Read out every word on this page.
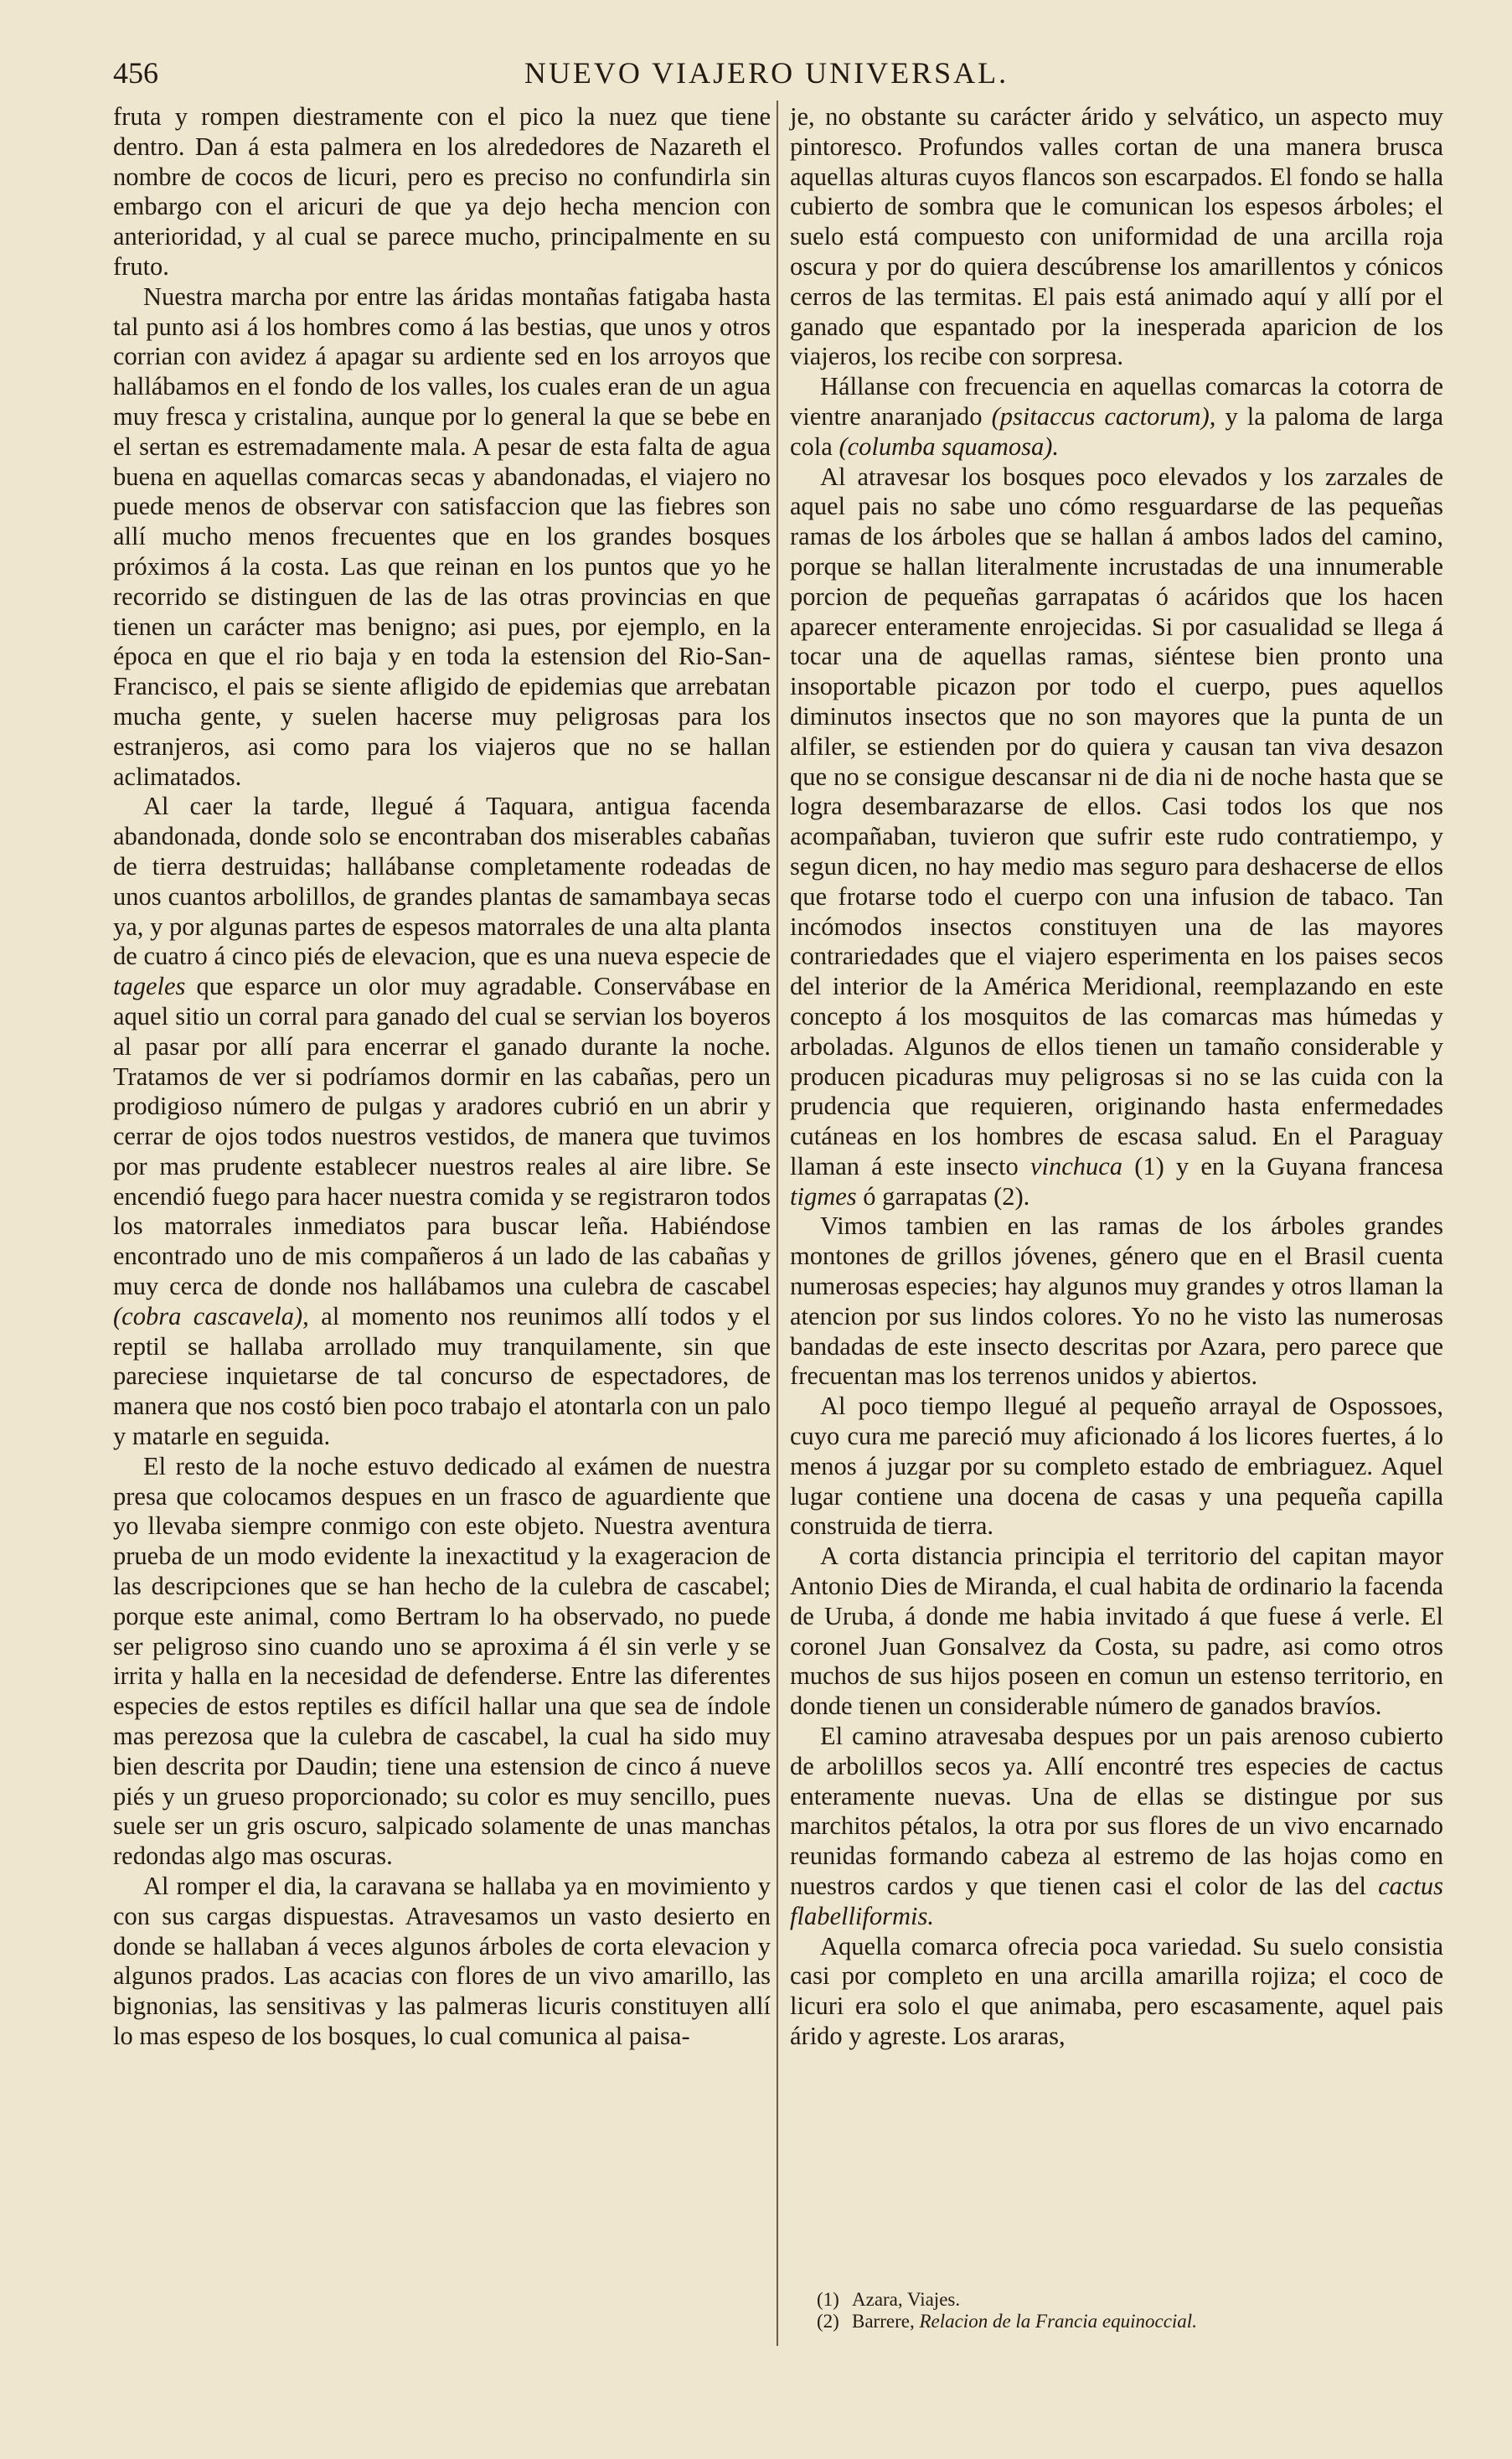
456	NUEVO VIAJERO UNIVERSAL.

fruta y rompen diestramente con el pico la nuez que tiene dentro. Dan á esta palmera en los alrededores de Nazareth el nombre de cocos de licuri, pero es preciso no confundirla sin embargo con el aricuri de que ya dejo hecha mencion con anterioridad, y al cual se parece mucho, principalmente en su fruto.

Nuestra marcha por entre las áridas montañas fatigaba hasta tal punto asi á los hombres como á las bestias, que unos y otros corrian con avidez á apagar su ardiente sed en los arroyos que hallábamos en el fondo de los valles, los cuales eran de un agua muy fresca y cristalina, aunque por lo general la que se bebe en el sertan es estremadamente mala. A pesar de esta falta de agua buena en aquellas comarcas secas y abandonadas, el viajero no puede menos de observar con satisfaccion que las fiebres son allí mucho menos frecuentes que en los grandes bosques próximos á la costa. Las que reinan en los puntos que yo he recorrido se distinguen de las de las otras provincias en que tienen un carácter mas benigno; asi pues, por ejemplo, en la época en que el rio baja y en toda la estension del Rio-San-Francisco, el pais se siente afligido de epidemias que arrebatan mucha gente, y suelen hacerse muy peligrosas para los estranjeros, asi como para los viajeros que no se hallan aclimatados.

Al caer la tarde, llegué á Taquara, antigua facenda abandonada, donde solo se encontraban dos miserables cabañas de tierra destruidas; hallábanse completamente rodeadas de unos cuantos arbolillos, de grandes plantas de samambaya secas ya, y por algunas partes de espesos matorrales de una alta planta de cuatro á cinco piés de elevacion, que es una nueva especie de tageles que esparce un olor muy agradable. Conservábase en aquel sitio un corral para ganado del cual se servian los boyeros al pasar por allí para encerrar el ganado durante la noche. Tratamos de ver si podríamos dormir en las cabañas, pero un prodigioso número de pulgas y aradores cubrió en un abrir y cerrar de ojos todos nuestros vestidos, de manera que tuvimos por mas prudente establecer nuestros reales al aire libre. Se encendió fuego para hacer nuestra comida y se registraron todos los matorrales inmediatos para buscar leña. Habiéndose encontrado uno de mis compañeros á un lado de las cabañas y muy cerca de donde nos hallábamos una culebra de cascabel (cobra cascavela), al momento nos reunimos allí todos y el reptil se hallaba arrollado muy tranquilamente, sin que pareciese inquietarse de tal concurso de espectadores, de manera que nos costó bien poco trabajo el atontarla con un palo y matarle en seguida.

El resto de la noche estuvo dedicado al exámen de nuestra presa que colocamos despues en un frasco de aguardiente que yo llevaba siempre conmigo con este objeto. Nuestra aventura prueba de un modo evidente la inexactitud y la exageracion de las descripciones que se han hecho de la culebra de cascabel; porque este animal, como Bertram lo ha observado, no puede ser peligroso sino cuando uno se aproxima á él sin verle y se irrita y halla en la necesidad de defenderse. Entre las diferentes especies de estos reptiles es difícil hallar una que sea de índole mas perezosa que la culebra de cascabel, la cual ha sido muy bien descrita por Daudin; tiene una estension de cinco á nueve piés y un grueso proporcionado; su color es muy sencillo, pues suele ser un gris oscuro, salpicado solamente de unas manchas redondas algo mas oscuras.

Al romper el dia, la caravana se hallaba ya en movimiento y con sus cargas dispuestas. Atravesamos un vasto desierto en donde se hallaban á veces algunos árboles de corta elevacion y algunos prados. Las acacias con flores de un vivo amarillo, las bignonias, las sensitivas y las palmeras licuris constituyen allí lo mas espeso de los bosques, lo cual comunica al paisa-

je, no obstante su carácter árido y selvático, un aspecto muy pintoresco. Profundos valles cortan de una manera brusca aquellas alturas cuyos flancos son escarpados. El fondo se halla cubierto de sombra que le comunican los espesos árboles; el suelo está compuesto con uniformidad de una arcilla roja oscura y por do quiera descúbrense los amarillentos y cónicos cerros de las termitas. El pais está animado aquí y allí por el ganado que espantado por la inesperada aparicion de los viajeros, los recibe con sorpresa.

Hállanse con frecuencia en aquellas comarcas la cotorra de vientre anaranjado (psitaccus cactorum), y la paloma de larga cola (columba squamosa).

Al atravesar los bosques poco elevados y los zarzales de aquel pais no sabe uno cómo resguardarse de las pequeñas ramas de los árboles que se hallan á ambos lados del camino, porque se hallan literalmente incrustadas de una innumerable porcion de pequeñas garrapatas ó acáridos que los hacen aparecer enteramente enrojecidas. Si por casualidad se llega á tocar una de aquellas ramas, siéntese bien pronto una insoportable picazon por todo el cuerpo, pues aquellos diminutos insectos que no son mayores que la punta de un alfiler, se estienden por do quiera y causan tan viva desazon que no se consigue descansar ni de dia ni de noche hasta que se logra desembarazarse de ellos. Casi todos los que nos acompañaban, tuvieron que sufrir este rudo contratiempo, y segun dicen, no hay medio mas seguro para deshacerse de ellos que frotarse todo el cuerpo con una infusion de tabaco. Tan incómodos insectos constituyen una de las mayores contrariedades que el viajero esperimenta en los paises secos del interior de la América Meridional, reemplazando en este concepto á los mosquitos de las comarcas mas húmedas y arboladas. Algunos de ellos tienen un tamaño considerable y producen picaduras muy peligrosas si no se las cuida con la prudencia que requieren, originando hasta enfermedades cutáneas en los hombres de escasa salud. En el Paraguay llaman á este insecto vinchuca (1) y en la Guyana francesa tigmes ó garrapatas (2).

Vimos tambien en las ramas de los árboles grandes montones de grillos jóvenes, género que en el Brasil cuenta numerosas especies; hay algunos muy grandes y otros llaman la atencion por sus lindos colores. Yo no he visto las numerosas bandadas de este insecto descritas por Azara, pero parece que frecuentan mas los terrenos unidos y abiertos.

Al poco tiempo llegué al pequeño arrayal de Ospossoes, cuyo cura me pareció muy aficionado á los licores fuertes, á lo menos á juzgar por su completo estado de embriaguez. Aquel lugar contiene una docena de casas y una pequeña capilla construida de tierra.

A corta distancia principia el territorio del capitan mayor Antonio Dies de Miranda, el cual habita de ordinario la facenda de Uruba, á donde me habia invitado á que fuese á verle. El coronel Juan Gonsalvez da Costa, su padre, asi como otros muchos de sus hijos poseen en comun un estenso territorio, en donde tienen un considerable número de ganados bravíos.

El camino atravesaba despues por un pais arenoso cubierto de arbolillos secos ya. Allí encontré tres especies de cactus enteramente nuevas. Una de ellas se distingue por sus marchitos pétalos, la otra por sus flores de un vivo encarnado reunidas formando cabeza al estremo de las hojas como en nuestros cardos y que tienen casi el color de las del cactus flabelliformis.

Aquella comarca ofrecia poca variedad. Su suelo consistia casi por completo en una arcilla amarilla rojiza; el coco de licuri era solo el que animaba, pero escasamente, aquel pais árido y agreste. Los araras,

(1) Azara, Viajes.
(2) Barrere, Relacion de la Francia equinoccial.
